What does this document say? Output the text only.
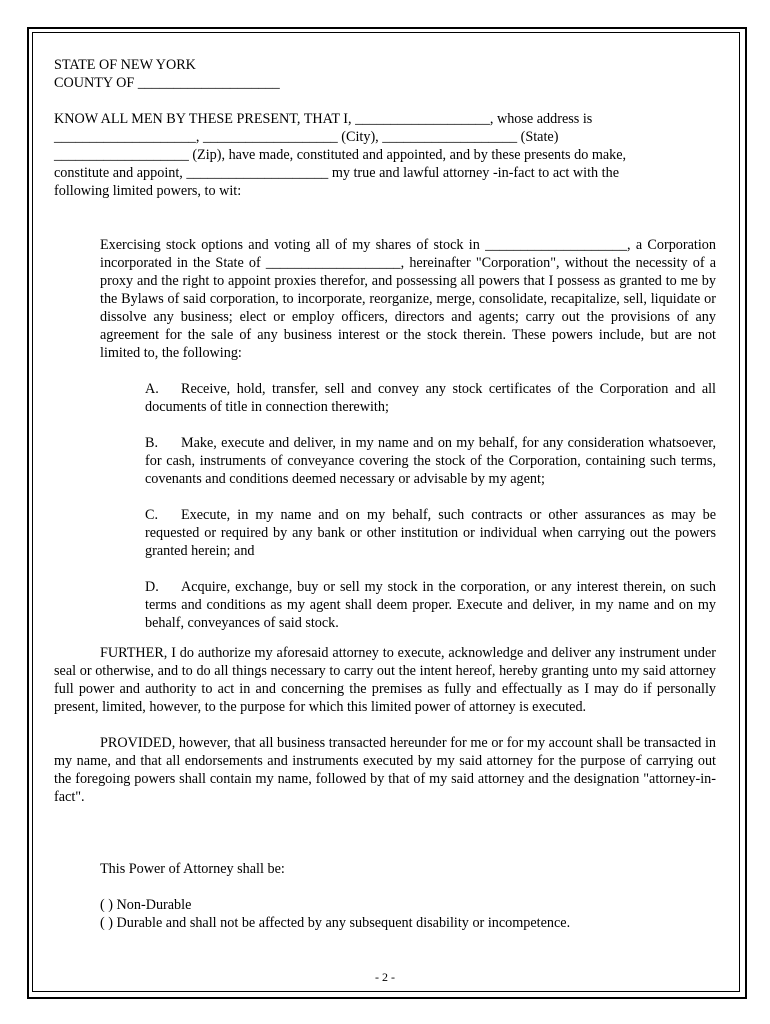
STATE OF NEW YORK
COUNTY OF ____________________
KNOW ALL MEN BY THESE PRESENT, THAT I, ___________________, whose address is
____________________, ___________________ (City), ___________________ (State)
___________________ (Zip), have made, constituted and appointed, and by these presents do make,
constitute and appoint, ____________________ my true and lawful attorney -in-fact to act with the
following limited powers, to wit:

Exercising stock options and voting all of my shares of stock in ____________________, a Corporation incorporated in the State of ___________________, hereinafter "Corporation", without the necessity of a proxy and the right to appoint proxies therefor, and possessing all powers that I possess as granted to me by the Bylaws of said corporation, to incorporate, reorganize, merge, consolidate, recapitalize, sell, liquidate or dissolve any business; elect or employ officers, directors and agents; carry out the provisions of any agreement for the sale of any business interest or the stock therein. These powers include, but are not limited to, the following:

A. Receive, hold, transfer, sell and convey any stock certificates of the Corporation and all documents of title in connection therewith;
B. Make, execute and deliver, in my name and on my behalf, for any consideration whatsoever, for cash, instruments of conveyance covering the stock of the Corporation, containing such terms, covenants and conditions deemed necessary or advisable by my agent;
C. Execute, in my name and on my behalf, such contracts or other assurances as may be requested or required by any bank or other institution or individual when carrying out the powers granted herein; and
D. Acquire, exchange, buy or sell my stock in the corporation, or any interest therein, on such terms and conditions as my agent shall deem proper. Execute and deliver, in my name and on my behalf, conveyances of said stock.

FURTHER, I do authorize my aforesaid attorney to execute, acknowledge and deliver any instrument under seal or otherwise, and to do all things necessary to carry out the intent hereof, hereby granting unto my said attorney full power and authority to act in and concerning the premises as fully and effectually as I may do if personally present, limited, however, to the purpose for which this limited power of attorney is executed.

PROVIDED, however, that all business transacted hereunder for me or for my account shall be transacted in my name, and that all endorsements and instruments executed by my said attorney for the purpose of carrying out the foregoing powers shall contain my name, followed by that of my said attorney and the designation "attorney-in-fact".

This Power of Attorney shall be:
( ) Non-Durable
( ) Durable and shall not be affected by any subsequent disability or incompetence.
- 2 -
